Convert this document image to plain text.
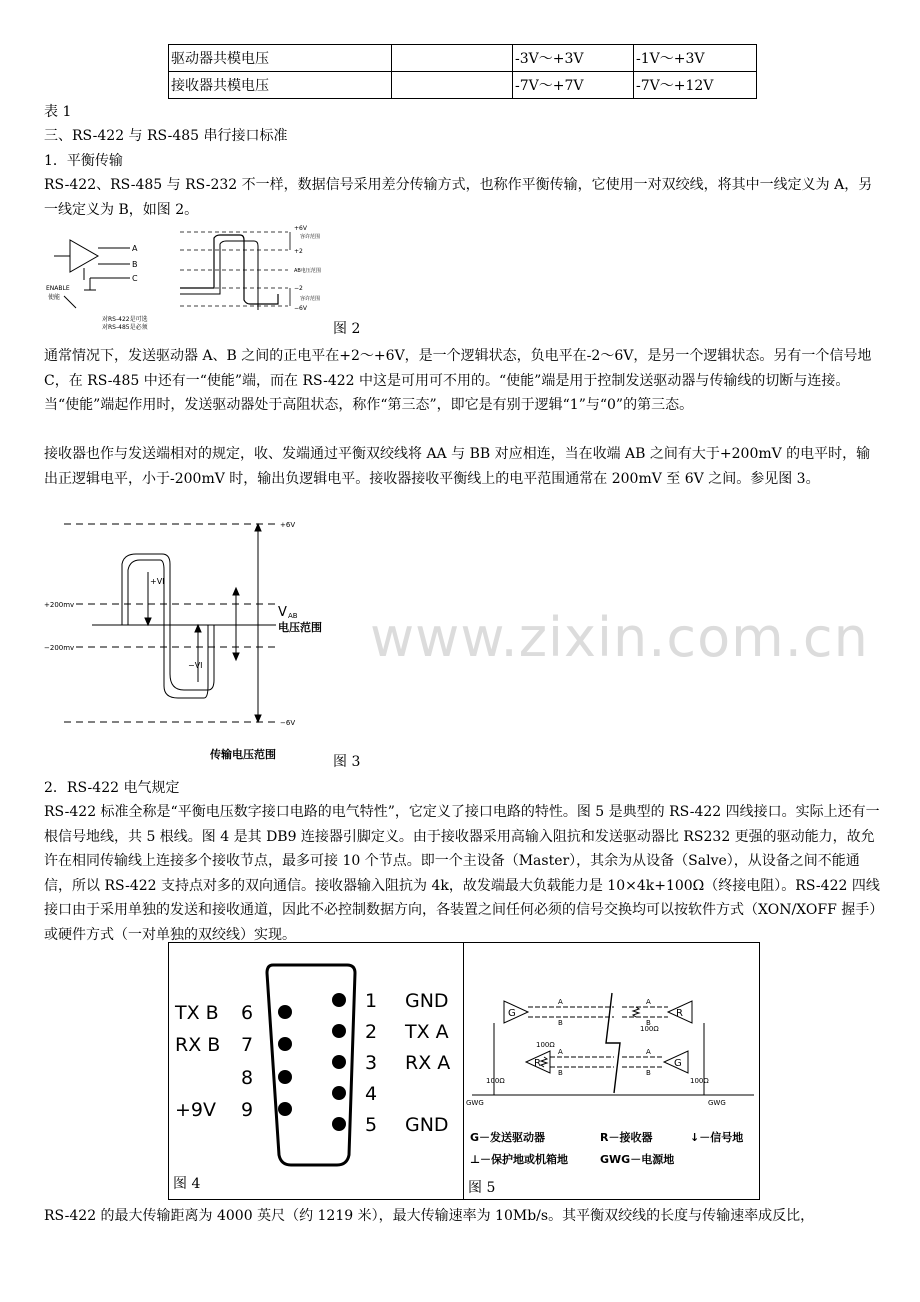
www.zixin.com.cn
驱动器共模电压		-3V～+3V	-1V～+3V
接收器共模电压		-7V～+7V	-7V～+12V
表 1
三、RS-422 与 RS-485 串行接口标准
1．平衡传输
RS-422、RS-485 与 RS-232 不一样，数据信号采用差分传输方式，也称作平衡传输，它使用一对双绞线，将其中一线定义为 A，另一线定义为 B，如图 2。
A
B
C
ENABLE
使能
对RS-422是可选
对RS-485是必须
+6V
容许范围
+2
AB电压范围
−2
容许范围
−6V
图 2
通常情况下，发送驱动器 A、B 之间的正电平在+2～+6V，是一个逻辑状态，负电平在-2～6V，是另一个逻辑状态。另有一个信号地 C，在 RS-485 中还有一“使能”端，而在 RS-422 中这是可用可不用的。“使能”端是用于控制发送驱动器与传输线的切断与连接。当“使能”端起作用时，发送驱动器处于高阻状态，称作“第三态”，即它是有别于逻辑“1”与“0”的第三态。
接收器也作与发送端相对的规定，收、发端通过平衡双绞线将 AA 与 BB 对应相连，当在收端 AB 之间有大于+200mV 的电平时，输出正逻辑电平，小于-200mV 时，输出负逻辑电平。接收器接收平衡线上的电平范围通常在 200mV 至 6V 之间。参见图 3。
+6V
−6V
+200mv
−200mv
+VI
−VI
V AB
电压范围
传输电压范围	图 3
2．RS-422 电气规定
RS-422 标准全称是“平衡电压数字接口电路的电气特性”，它定义了接口电路的特性。图 5 是典型的 RS-422 四线接口。实际上还有一根信号地线，共 5 根线。图 4 是其 DB9 连接器引脚定义。由于接收器采用高输入阻抗和发送驱动器比 RS232 更强的驱动能力，故允许在相同传输线上连接多个接收节点，最多可接 10 个节点。即一个主设备（Master），其余为从设备（Salve），从设备之间不能通信，所以 RS-422 支持点对多的双向通信。接收器输入阻抗为 4k，故发端最大负载能力是 10×4k+100Ω（终接电阻）。RS-422 四线接口由于采用单独的发送和接收通道，因此不必控制数据方向，各装置之间任何必须的信号交换均可以按软件方式（XON/XOFF 握手）或硬件方式（一对单独的双绞线）实现。
TX B
RX B
+9V
6
7
8
9
1
2
3
4
5
GND
TX A
RX A
GND
图 4
G	R
R	G
A
B
A
B
A
B
A
B
100Ω
100Ω
100Ω	100Ω
GWG	GWG
G－发送驱动器	R－接收器	↓－信号地
⊥－保护地或机箱地	GWG－电源地
图 5
RS-422 的最大传输距离为 4000 英尺（约 1219 米），最大传输速率为 10Mb/s。其平衡双绞线的长度与传输速率成反比，
